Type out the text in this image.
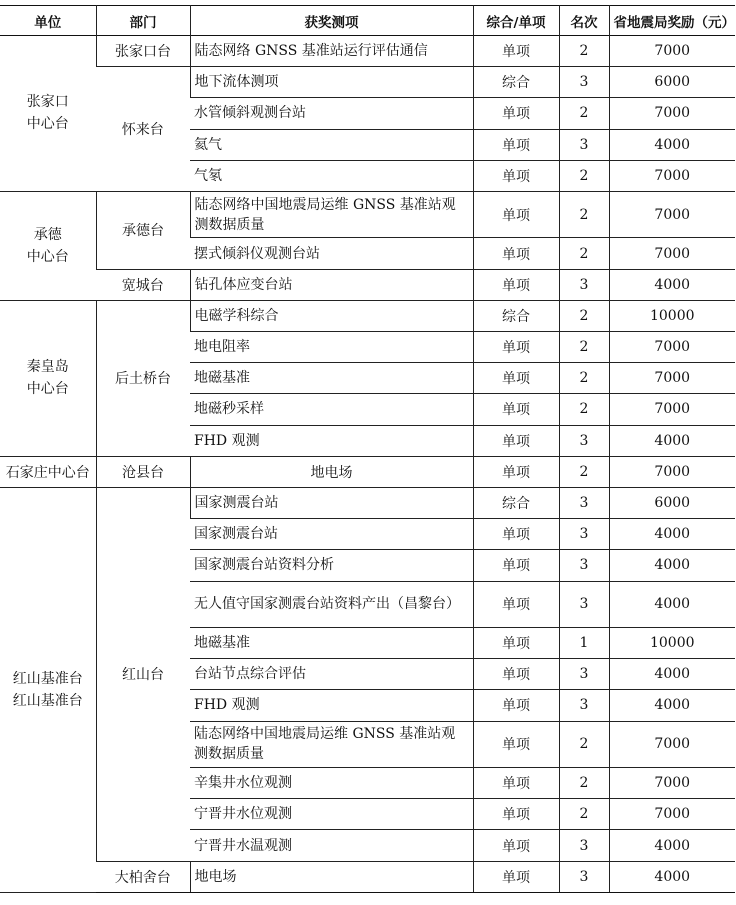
单位	部门	获奖测项	综合/单项	名次	省地震局奖励（元）

张家口
中心台	张家口台	陆态网络 GNSS 基准站运行评估通信	单项	2	7000
	怀来台	地下流体测项	综合	3	6000
		水管倾斜观测台站	单项	2	7000
		氦气	单项	3	4000
		气氡	单项	2	7000

承德
中心台	承德台	陆态网络中国地震局运维 GNSS 基准站观测数据质量	单项	2	7000
		摆式倾斜仪观测台站	单项	2	7000
	宽城台	钻孔体应变台站	单项	3	4000

秦皇岛
中心台	后土桥台	电磁学科综合	综合	2	10000
		地电阻率	单项	2	7000
		地磁基准	单项	2	7000
		地磁秒采样	单项	2	7000
		FHD 观测	单项	3	4000
石家庄中心台	沧县台	地电场	单项	2	7000

红山基准台
红山基准台	红山台	国家测震台站	综合	3	6000
		国家测震台站	单项	3	4000
		国家测震台站资料分析	单项	3	4000
		无人值守国家测震台站资料产出（昌黎台）	单项	3	4000
		地磁基准	单项	1	10000
		台站节点综合评估	单项	3	4000
		FHD 观测	单项	3	4000
		陆态网络中国地震局运维 GNSS 基准站观测数据质量	单项	2	7000
		辛集井水位观测	单项	2	7000
		宁晋井水位观测	单项	2	7000
		宁晋井水温观测	单项	3	4000
	大柏舍台	地电场	单项	3	4000
